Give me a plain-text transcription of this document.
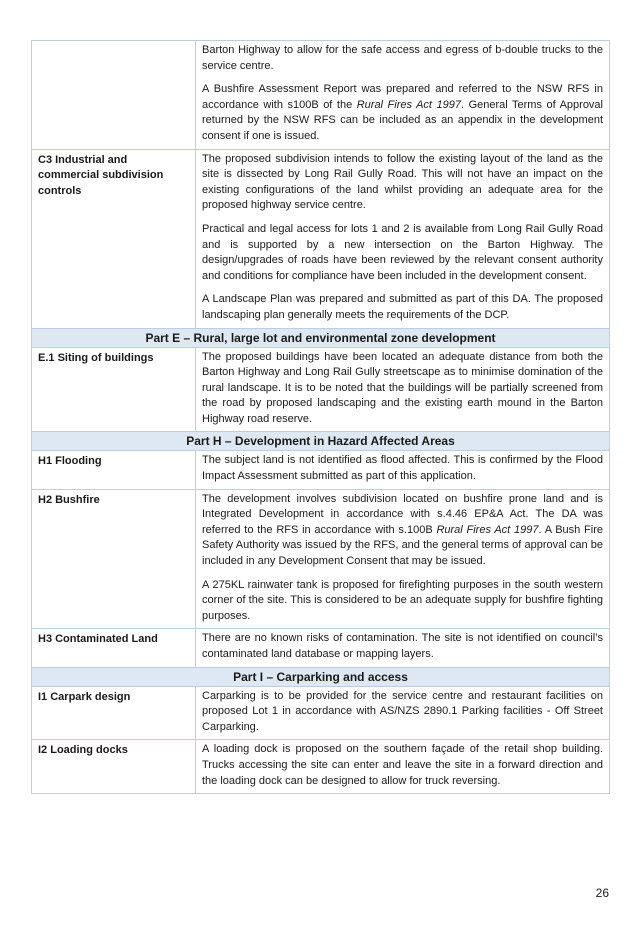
	Barton Highway to allow for the safe access and egress of b-double trucks to the service centre.

A Bushfire Assessment Report was prepared and referred to the NSW RFS in accordance with s100B of the Rural Fires Act 1997. General Terms of Approval returned by the NSW RFS can be included as an appendix in the development consent if one is issued.

C3 Industrial and commercial subdivision controls	The proposed subdivision intends to follow the existing layout of the land as the site is dissected by Long Rail Gully Road. This will not have an impact on the existing configurations of the land whilst providing an adequate area for the proposed highway service centre.

Practical and legal access for lots 1 and 2 is available from Long Rail Gully Road and is supported by a new intersection on the Barton Highway. The design/upgrades of roads have been reviewed by the relevant consent authority and conditions for compliance have been included in the development consent.

A Landscape Plan was prepared and submitted as part of this DA. The proposed landscaping plan generally meets the requirements of the DCP.

Part E – Rural, large lot and environmental zone development	
E.1 Siting of buildings	The proposed buildings have been located an adequate distance from both the Barton Highway and Long Rail Gully streetscape as to minimise domination of the rural landscape. It is to be noted that the buildings will be partially screened from the road by proposed landscaping and the existing earth mound in the Barton Highway road reserve.

Part H – Development in Hazard Affected Areas	
H1 Flooding	The subject land is not identified as flood affected. This is confirmed by the Flood Impact Assessment submitted as part of this application.

H2 Bushfire	The development involves subdivision located on bushfire prone land and is Integrated Development in accordance with s.4.46 EP&A Act. The DA was referred to the RFS in accordance with s.100B Rural Fires Act 1997. A Bush Fire Safety Authority was issued by the RFS, and the general terms of approval can be included in any Development Consent that may be issued.

A 275KL rainwater tank is proposed for firefighting purposes in the south western corner of the site. This is considered to be an adequate supply for bushfire fighting purposes.

H3 Contaminated Land	There are no known risks of contamination. The site is not identified on council’s contaminated land database or mapping layers.

Part I – Carparking and access	
I1 Carpark design	Carparking is to be provided for the service centre and restaurant facilities on proposed Lot 1 in accordance with AS/NZS 2890.1 Parking facilities - Off Street Carparking.

I2 Loading docks	A loading dock is proposed on the southern façade of the retail shop building. Trucks accessing the site can enter and leave the site in a forward direction and the loading dock can be designed to allow for truck reversing.

26
